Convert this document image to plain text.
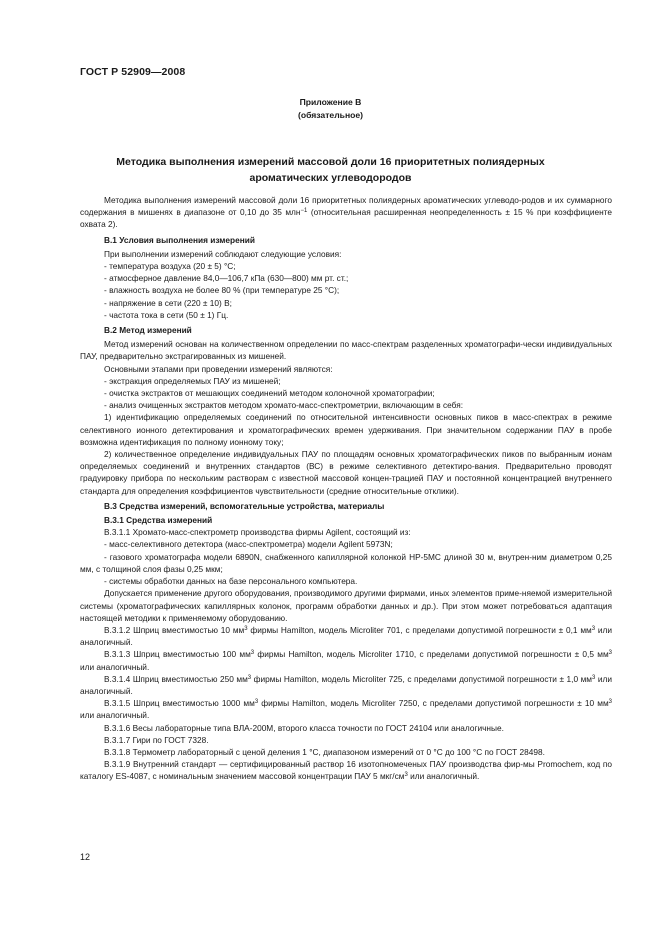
ГОСТ Р 52909—2008
Приложение В
(обязательное)
Методика выполнения измерений массовой доли 16 приоритетных полиядерных ароматических углеводородов

Методика выполнения измерений массовой доли 16 приоритетных полиядерных ароматических углеводо-родов и их суммарного содержания в мишенях в диапазоне от 0,10 до 35 млн$^{-1}$ (относительная расширенная неопределенность ± 15 % при коэффициенте охвата 2).

В.1 Условия выполнения измерений

При выполнении измерений соблюдают следующие условия:

- температура воздуха (20 ± 5) °С;

- атмосферное давление 84,0—106,7 кПа (630—800) мм рт. ст.;

- влажность воздуха не более 80 % (при температуре 25 °С);

- напряжение в сети (220 ± 10) В;

- частота тока в сети (50 ± 1) Гц.

В.2 Метод измерений

Метод измерений основан на количественном определении по масс-спектрам разделенных хроматографи-чески индивидуальных ПАУ, предварительно экстрагированных из мишеней.

Основными этапами при проведении измерений являются:

- экстракция определяемых ПАУ из мишеней;

- очистка экстрактов от мешающих соединений методом колоночной хроматографии;

- анализ очищенных экстрактов методом хромато-масс-спектрометрии, включающим в себя:

1) идентификацию определяемых соединений по относительной интенсивности основных пиков в масс-спектрах в режиме селективного ионного детектирования и хроматографических времен удерживания. При значительном содержании ПАУ в пробе возможна идентификация по полному ионному току;

2) количественное определение индивидуальных ПАУ по площадям основных хроматографических пиков по выбранным ионам определяемых соединений и внутренних стандартов (ВС) в режиме селективного детектиро-вания. Предварительно проводят градуировку прибора по нескольким растворам с известной массовой концен-трацией ПАУ и постоянной концентрацией внутреннего стандарта для определения коэффициентов чувствительности (средние относительные отклики).

В.3 Средства измерений, вспомогательные устройства, материалы

В.3.1 Средства измерений

В.3.1.1 Хромато-масс-спектрометр производства фирмы Agilent, состоящий из:

- масс-селективного детектора (масс-спектрометра) модели Agilent 5973N;

- газового хроматографа модели 6890N, снабженного капиллярной колонкой HP-5MC длиной 30 м, внутрен-ним диаметром 0,25 мм, с толщиной слоя фазы 0,25 мкм;

- системы обработки данных на базе персонального компьютера.

Допускается применение другого оборудования, производимого другими фирмами, иных элементов приме-няемой измерительной системы (хроматографических капиллярных колонок, программ обработки данных и др.). При этом может потребоваться адаптация настоящей методики к применяемому оборудованию.

В.3.1.2 Шприц вместимостью 10 $мм^3$ фирмы Hamilton, модель Microliter 701, с пределами допустимой погрешности ± 0,1 $мм^3$ или аналогичный.

В.3.1.3 Шприц вместимостью 100 $мм^3$ фирмы Hamilton, модель Microliter 1710, с пределами допустимой погрешности ± 0,5 $мм^3$ или аналогичный.

В.3.1.4 Шприц вместимостью 250 $мм^3$ фирмы Hamilton, модель Microliter 725, с пределами допустимой погрешности ± 1,0 $мм^3$ или аналогичный.

В.3.1.5 Шприц вместимостью 1000 $мм^3$ фирмы Hamilton, модель Microliter 7250, с пределами допустимой погрешности ± 10 $мм^3$ или аналогичный.

В.3.1.6 Весы лабораторные типа ВЛА-200М, второго класса точности по ГОСТ 24104 или аналогичные.

В.3.1.7 Гири по ГОСТ 7328.

В.3.1.8 Термометр лабораторный с ценой деления 1 °С, диапазоном измерений от 0 °С до 100 °С по ГОСТ 28498.

В.3.1.9 Внутренний стандарт — сертифицированный раствор 16 изотопномеченых ПАУ производства фир-мы Promochem, код по каталогу ES-4087, с номинальным значением массовой концентрации ПАУ 5 мкг/$см^3$ или аналогичный.

12
